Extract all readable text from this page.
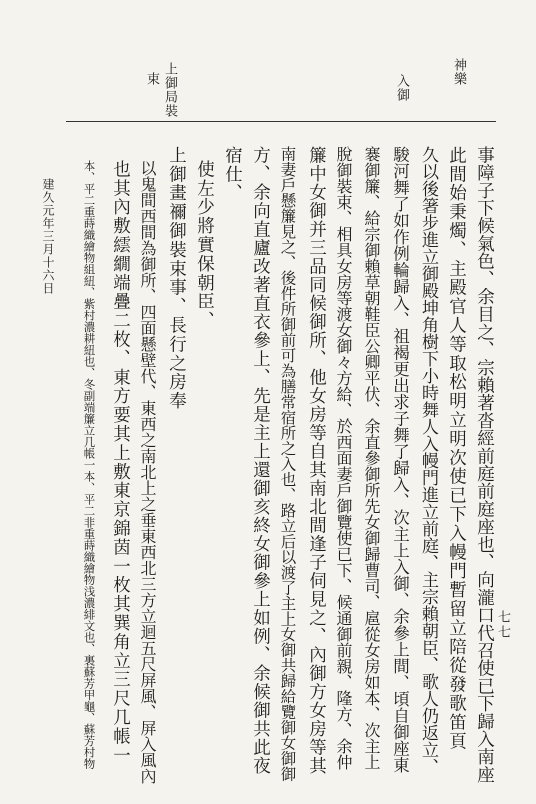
神樂
入御
上御局裝
束
事障子下候氣色、余目之、宗賴著沓經前庭前庭座也、向瀧口代召使已下歸入南座
此間始秉燭、主殿官人等取松明立明次使已下入幔門暫留立陪從發歌笛頁
久以後箸步進立御殿坤角樹下小時舞人入幔門進立前庭、主宗賴朝臣、歌人仍返立、
駿河舞了如作例輪歸入、祖褐更出求子舞了歸入、次主上入御、余參上間、頃自御座東
褰御簾、給宗御賴草朝鞋臣公卿平伏、余直參御所先女御歸曹司、扈從女房如本、次主上
脫御裝束、相具女房等渡女御々方給、於西面妻戶御覽使已下、候通御前親、隆方、余仲
簾中女御并三品同候御所、他女房等自其南北間逢子伺見之、內御方女房等其
南妻戶懸簾見之、後件所御前可為膳常宿所之入也、路立后以渡了主上女御共歸給覽御女御御
方、余向直廬改著直衣參上、先是主上還御亥終女御參上如例、余候御共此夜
宿仕、
使左少將實保朝臣、
上御畫禰御裝束事、長行之房奉
以鬼間西間為御所、四面懸壁代、東西之南北上之垂東西北三方立迴五尺屏風、屏入風內
也其內敷繧繝端疊二枚、東方要其上敷東京錦茵一枚其巽角立三尺几帳一
本、平二重蒔織繪物組紐、紫村濃耕紐也、冬副端簾立几帳一本、平二非重蒔織繪物浅濃緋文也、裏蘇芳甲龜、蘇芳村物	七七
建久元年三月十六日
